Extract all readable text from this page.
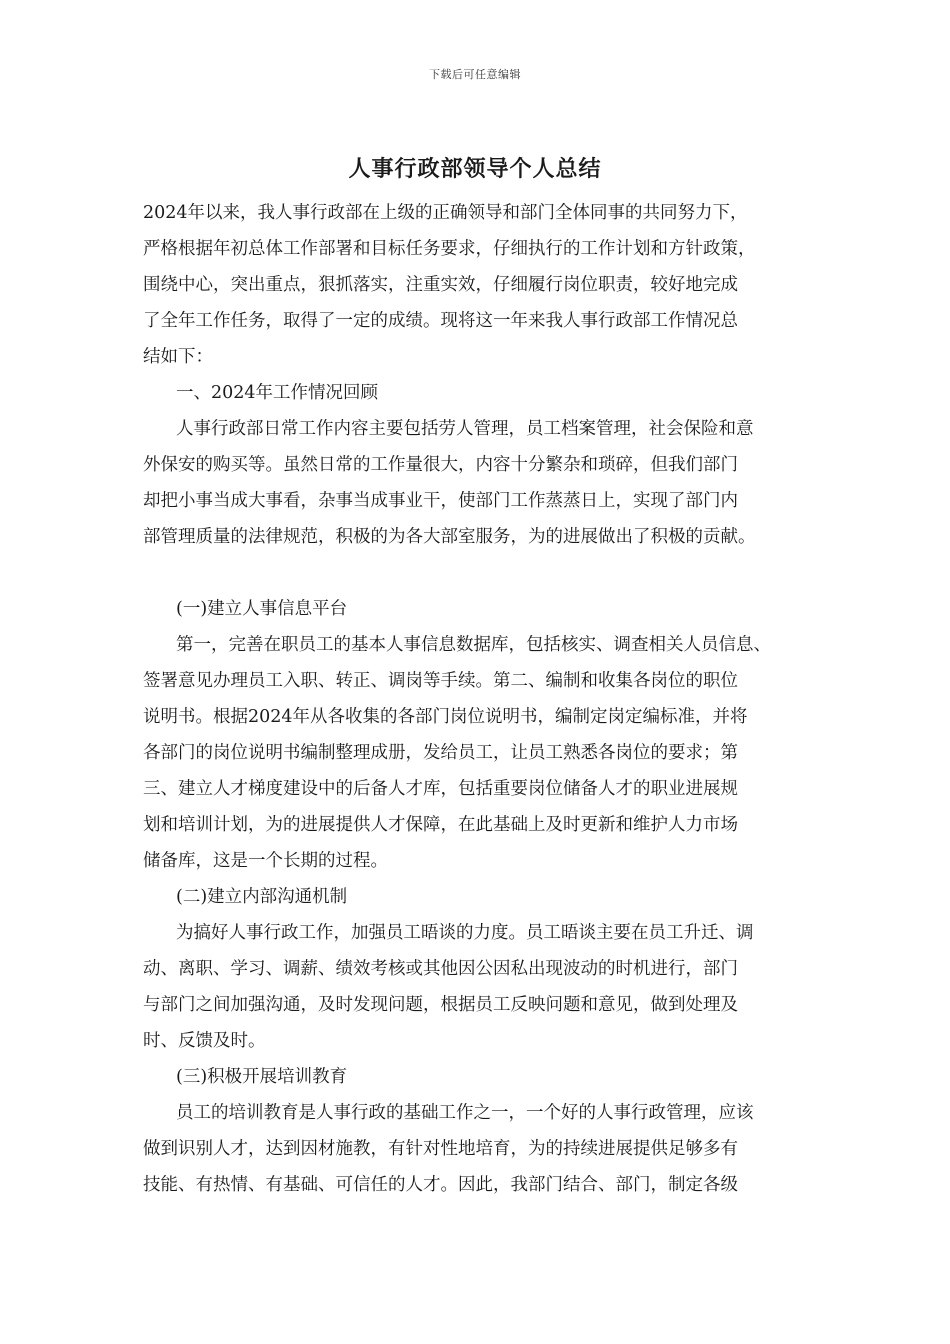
下载后可任意编辑
人事行政部领导个人总结
2024年以来，我人事行政部在上级的正确领导和部门全体同事的共同努力下，
严格根据年初总体工作部署和目标任务要求，仔细执行的工作计划和方针政策，
围绕中心，突出重点，狠抓落实，注重实效，仔细履行岗位职责，较好地完成
了全年工作任务，取得了一定的成绩。现将这一年来我人事行政部工作情况总
结如下：
一、2024年工作情况回顾
人事行政部日常工作内容主要包括劳人管理，员工档案管理，社会保险和意
外保安的购买等。虽然日常的工作量很大，内容十分繁杂和琐碎，但我们部门
却把小事当成大事看，杂事当成事业干，使部门工作蒸蒸日上，实现了部门内
部管理质量的法律规范，积极的为各大部室服务，为的进展做出了积极的贡献。
(一)建立人事信息平台
第一，完善在职员工的基本人事信息数据库，包括核实、调查相关人员信息、
签署意见办理员工入职、转正、调岗等手续。第二、编制和收集各岗位的职位
说明书。根据2024年从各收集的各部门岗位说明书，编制定岗定编标准，并将
各部门的岗位说明书编制整理成册，发给员工，让员工熟悉各岗位的要求；第
三、建立人才梯度建设中的后备人才库，包括重要岗位储备人才的职业进展规
划和培训计划，为的进展提供人才保障，在此基础上及时更新和维护人力市场
储备库，这是一个长期的过程。
(二)建立内部沟通机制
为搞好人事行政工作，加强员工晤谈的力度。员工晤谈主要在员工升迁、调
动、离职、学习、调薪、绩效考核或其他因公因私出现波动的时机进行，部门
与部门之间加强沟通，及时发现问题，根据员工反映问题和意见，做到处理及
时、反馈及时。
(三)积极开展培训教育
员工的培训教育是人事行政的基础工作之一，一个好的人事行政管理，应该
做到识别人才，达到因材施教，有针对性地培育，为的持续进展提供足够多有
技能、有热情、有基础、可信任的人才。因此，我部门结合、部门，制定各级
